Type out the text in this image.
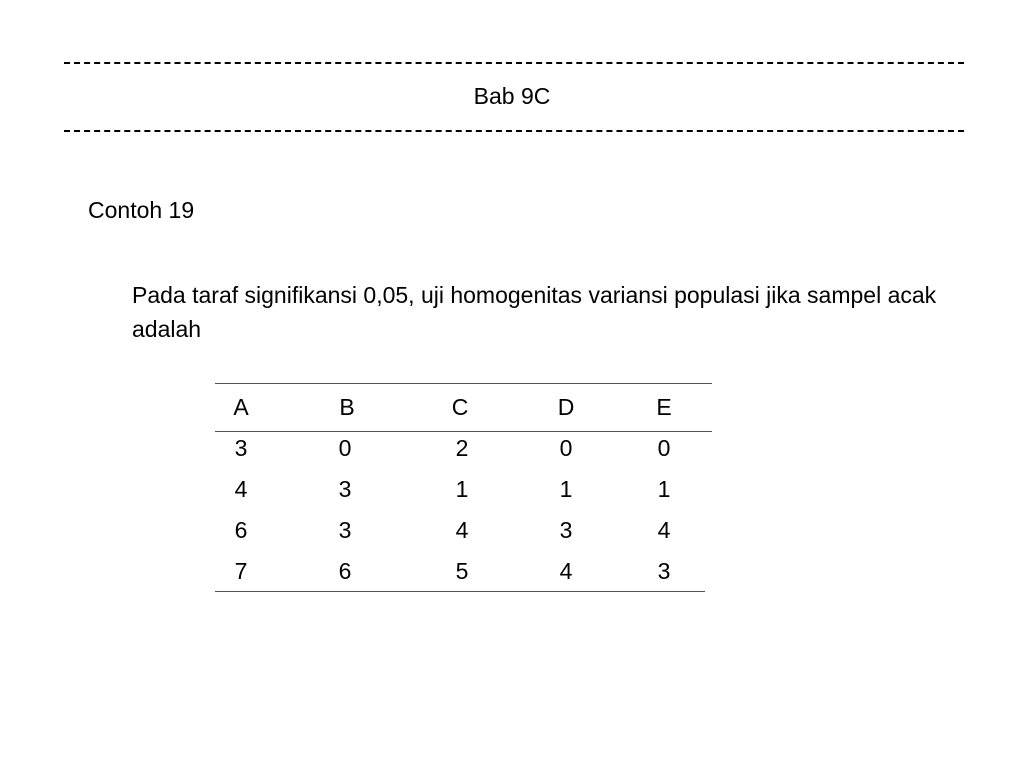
Bab 9C
Contoh 19
Pada taraf signifikansi 0,05, uji homogenitas variansi populasi jika sampel acak adalah
A	B	C	D	E
3	0	2	0	0
4	3	1	1	1
6	3	4	3	4
7	6	5	4	3
